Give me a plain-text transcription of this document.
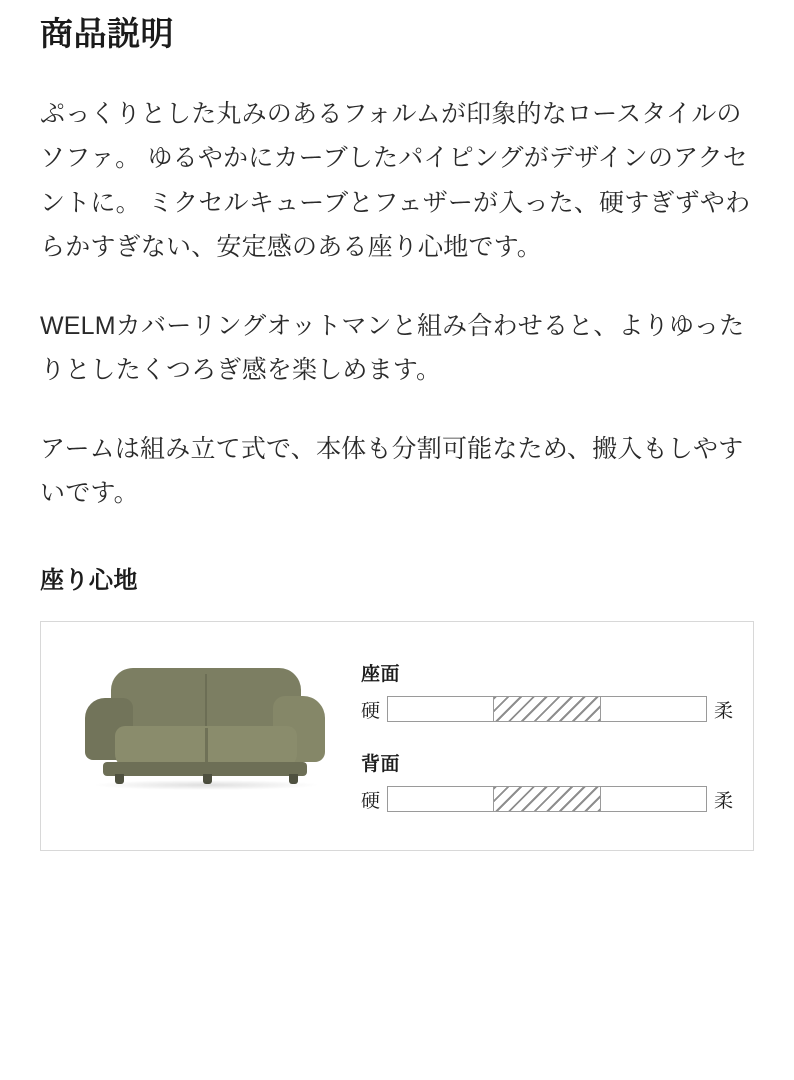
商品説明

ぷっくりとした丸みのあるフォルムが印象的なロースタイルのソファ。 ゆるやかにカーブしたパイピングがデザインのアクセントに。 ミクセルキューブとフェザーが入った、硬すぎずやわらかすぎない、安定感のある座り心地です。

WELMカバーリングオットマンと組み合わせると、よりゆったりとしたくつろぎ感を楽しめます。

アームは組み立て式で、本体も分割可能なため、搬入もしやすいです。

座り心地
座面
硬	柔
背面
硬	柔
